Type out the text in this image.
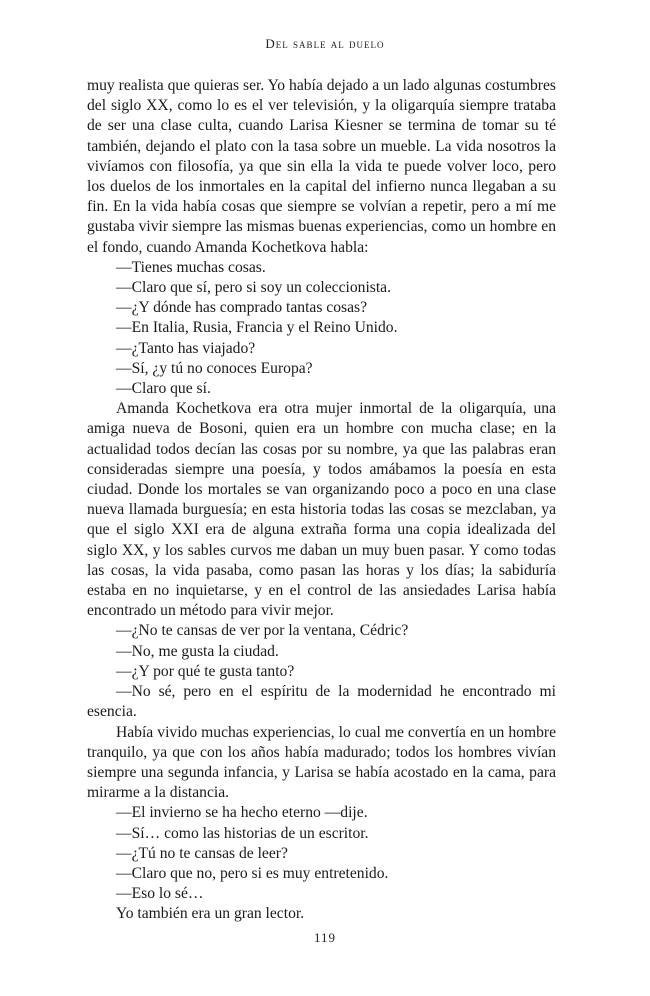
Del sable al duelo

muy realista que quieras ser. Yo había dejado a un lado algunas costumbres del siglo XX, como lo es el ver televisión, y la oligarquía siempre trataba de ser una clase culta, cuando Larisa Kiesner se termina de tomar su té también, dejando el plato con la tasa sobre un mueble. La vida nosotros la vivíamos con filosofía, ya que sin ella la vida te puede volver loco, pero los duelos de los inmortales en la capital del infierno nunca llegaban a su fin. En la vida había cosas que siempre se volvían a repetir, pero a mí me gustaba vivir siempre las mismas buenas experiencias, como un hombre en el fondo, cuando Amanda Kochetkova habla:

—Tienes muchas cosas.

—Claro que sí, pero si soy un coleccionista.

—¿Y dónde has comprado tantas cosas?

—En Italia, Rusia, Francia y el Reino Unido.

—¿Tanto has viajado?

—Sí, ¿y tú no conoces Europa?

—Claro que sí.

Amanda Kochetkova era otra mujer inmortal de la oligarquía, una amiga nueva de Bosoni, quien era un hombre con mucha clase; en la actualidad todos decían las cosas por su nombre, ya que las palabras eran consideradas siempre una poesía, y todos amábamos la poesía en esta ciudad. Donde los mortales se van organizando poco a poco en una clase nueva llamada burguesía; en esta historia todas las cosas se mezclaban, ya que el siglo XXI era de alguna extraña forma una copia idealizada del siglo XX, y los sables curvos me daban un muy buen pasar. Y como todas las cosas, la vida pasaba, como pasan las horas y los días; la sabiduría estaba en no inquietarse, y en el control de las ansiedades Larisa había encontrado un método para vivir mejor.

—¿No te cansas de ver por la ventana, Cédric?

—No, me gusta la ciudad.

—¿Y por qué te gusta tanto?

—No sé, pero en el espíritu de la modernidad he encontrado mi esencia.

Había vivido muchas experiencias, lo cual me convertía en un hombre tranquilo, ya que con los años había madurado; todos los hombres vivían siempre una segunda infancia, y Larisa se había acostado en la cama, para mirarme a la distancia.

—El invierno se ha hecho eterno —dije.

—Sí… como las historias de un escritor.

—¿Tú no te cansas de leer?

—Claro que no, pero si es muy entretenido.

—Eso lo sé…

Yo también era un gran lector.

119
